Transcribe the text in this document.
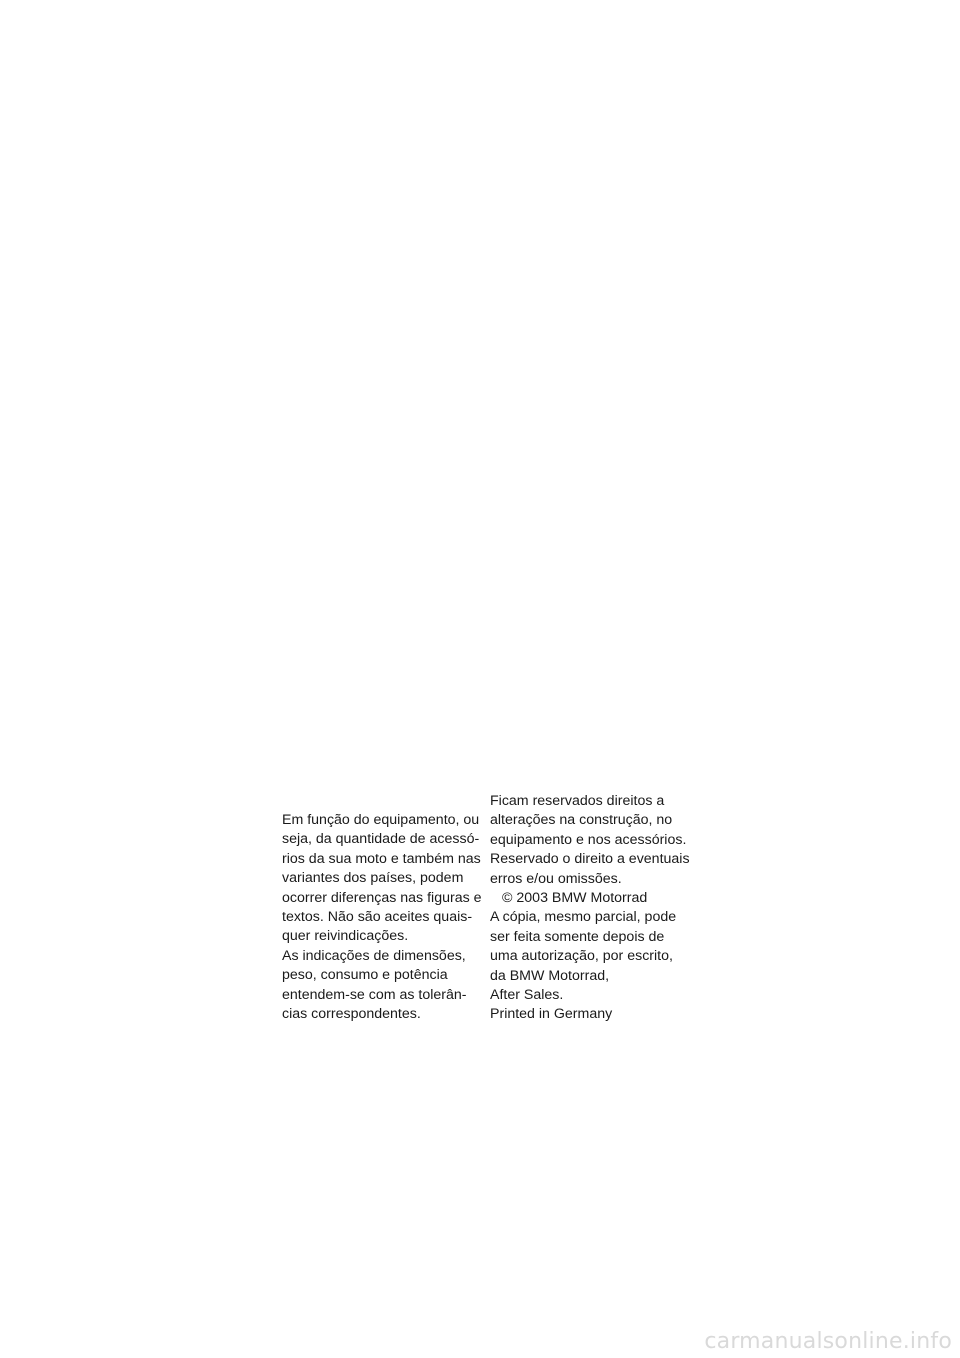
Em função do equipamento, ou
seja, da quantidade de acessó-
rios da sua moto e também nas
variantes dos países, podem
ocorrer diferenças nas figuras e
textos. Não são aceites quais-
quer reivindicações.
As indicações de dimensões,
peso, consumo e potência
entendem-se com as tolerân-
cias correspondentes.
Ficam reservados direitos a
alterações na construção, no
equipamento e nos acessórios.
Reservado o direito a eventuais
erros e/ou omissões.
© 2003 BMW Motorrad
A cópia, mesmo parcial, pode
ser feita somente depois de
uma autorização, por escrito,
da BMW Motorrad,
After Sales.
Printed in Germany
carmanualsonline.info
